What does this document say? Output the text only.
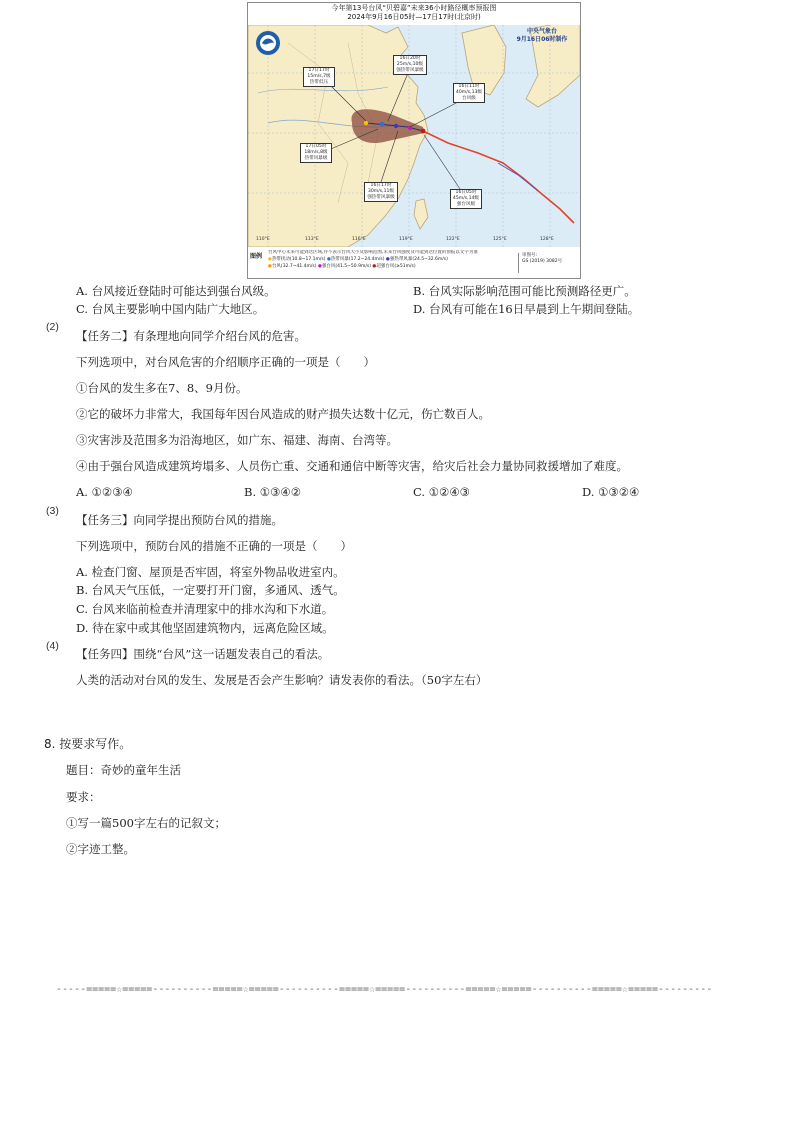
今年第13号台风“贝碧嘉”未来36小时路径概率预报图
2024年9月16日05时—17日17时(北京时)
中央气象台
9月16日06时制作
17日17时
15m/s,7级
热带低压
16日20时
25m/s,10级
强热带风暴级
16日11时
40m/s,13级
台风级
17日05时
18m/s,8级
热带风暴级
16日17时
30m/s,11级
强热带风暴级
16日05时
45m/s,14级
强台风级
110°E	113°E	116°E	119°E	122°E	125°E	128°E
图例
台风中心未来可能到达区域,并不表示台风大小及影响范围,未来台风强度及可能到达位置的预报以文字为准
●热带扰动(10.8~17.1m/s) ●热带风暴(17.2~24.4m/s) ●强热带风暴(24.5~32.6m/s)
●台风(32.7~41.4m/s) ●强台风(41.5~50.9m/s) ●超强台风(≥51m/s)
审图号:
GS (2019) 3082号
A. 台风接近登陆时可能达到强台风级。	B. 台风实际影响范围可能比预测路径更广。
C. 台风主要影响中国内陆广大地区。	D. 台风有可能在16日早晨到上午期间登陆。
(2)
【任务二】有条理地向同学介绍台风的危害。
下列选项中，对台风危害的介绍顺序正确的一项是（　　）
①台风的发生多在7、8、9月份。
②它的破坏力非常大，我国每年因台风造成的财产损失达数十亿元，伤亡数百人。
③灾害涉及范围多为沿海地区，如广东、福建、海南、台湾等。
④由于强台风造成建筑垮塌多、人员伤亡重、交通和通信中断等灾害，给灾后社会力量协同救援增加了难度。
A. ①②③④	B. ①③④②	C. ①②④③	D. ①③②④
(3)
【任务三】向同学提出预防台风的措施。
下列选项中，预防台风的措施不正确的一项是（　　）
A. 检查门窗、屋顶是否牢固，将室外物品收进室内。
B. 台风天气压低，一定要打开门窗，多通风、透气。
C. 台风来临前检查并清理家中的排水沟和下水道。
D. 待在家中或其他坚固建筑物内，远离危险区域。
(4)
【任务四】围绕“台风”这一话题发表自己的看法。
人类的活动对台风的发生、发展是否会产生影响？请发表你的看法。（50字左右）
8. 按要求写作。
题目：奇妙的童年生活
要求：
①写一篇500字左右的记叙文；
②字迹工整。
-----=====☆=====----------=====☆=====----------=====☆=====----------=====☆=====----------=====☆=====---------
